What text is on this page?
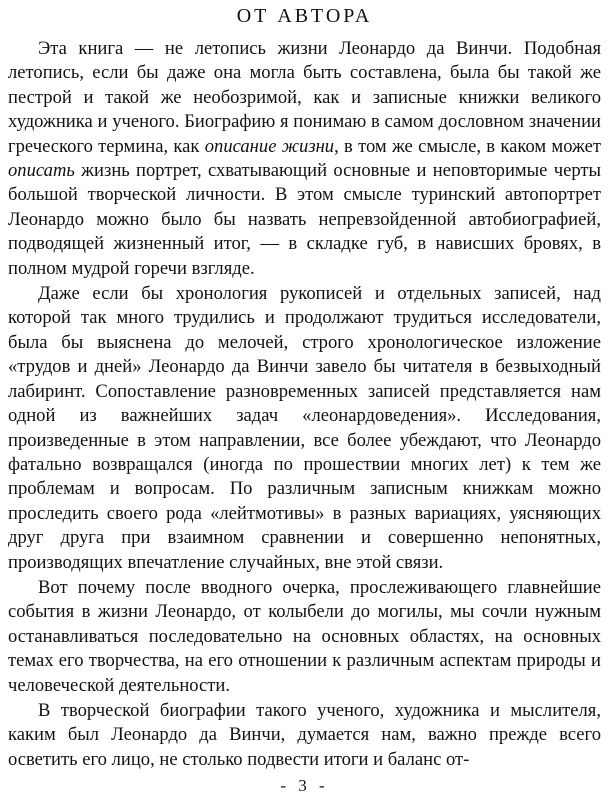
ОТ АВТОРА

Эта книга — не летопись жизни Леонардо да Винчи. Подобная летопись, если бы даже она могла быть составлена, была бы такой же пестрой и такой же необозримой, как и записные книжки великого художника и ученого. Биографию я понимаю в самом дословном значении греческого термина, как описание жизни, в том же смысле, в каком может описать жизнь портрет, схватывающий основные и неповторимые черты большой творческой личности. В этом смысле туринский автопортрет Леонардо можно было бы назвать непревзойденной автобиографией, подводящей жизненный итог, — в складке губ, в нависших бровях, в полном мудрой горечи взгляде.

Даже если бы хронология рукописей и отдельных записей, над которой так много трудились и продолжают трудиться исследователи, была бы выяснена до мелочей, строго хронологическое изложение «трудов и дней» Леонардо да Винчи завело бы читателя в безвыходный лабиринт. Сопоставление разновременных записей представляется нам одной из важнейших задач «леонардоведения». Исследования, произведенные в этом направлении, все более убеждают, что Леонардо фатально возвращался (иногда по прошествии многих лет) к тем же проблемам и вопросам. По различным записным книжкам можно проследить своего рода «лейтмотивы» в разных вариациях, уясняющих друг друга при взаимном сравнении и совершенно непонятных, производящих впечатление случайных, вне этой связи.

Вот почему после вводного очерка, прослеживающего главнейшие события в жизни Леонардо, от колыбели до могилы, мы сочли нужным останавливаться последовательно на основных областях, на основных темах его творчества, на его отношении к различным аспектам природы и человеческой деятельности.

В творческой биографии такого ученого, художника и мыслителя, каким был Леонардо да Винчи, думается нам, важно прежде всего осветить его лицо, не столько подвести итоги и баланс от-

- 3 -
